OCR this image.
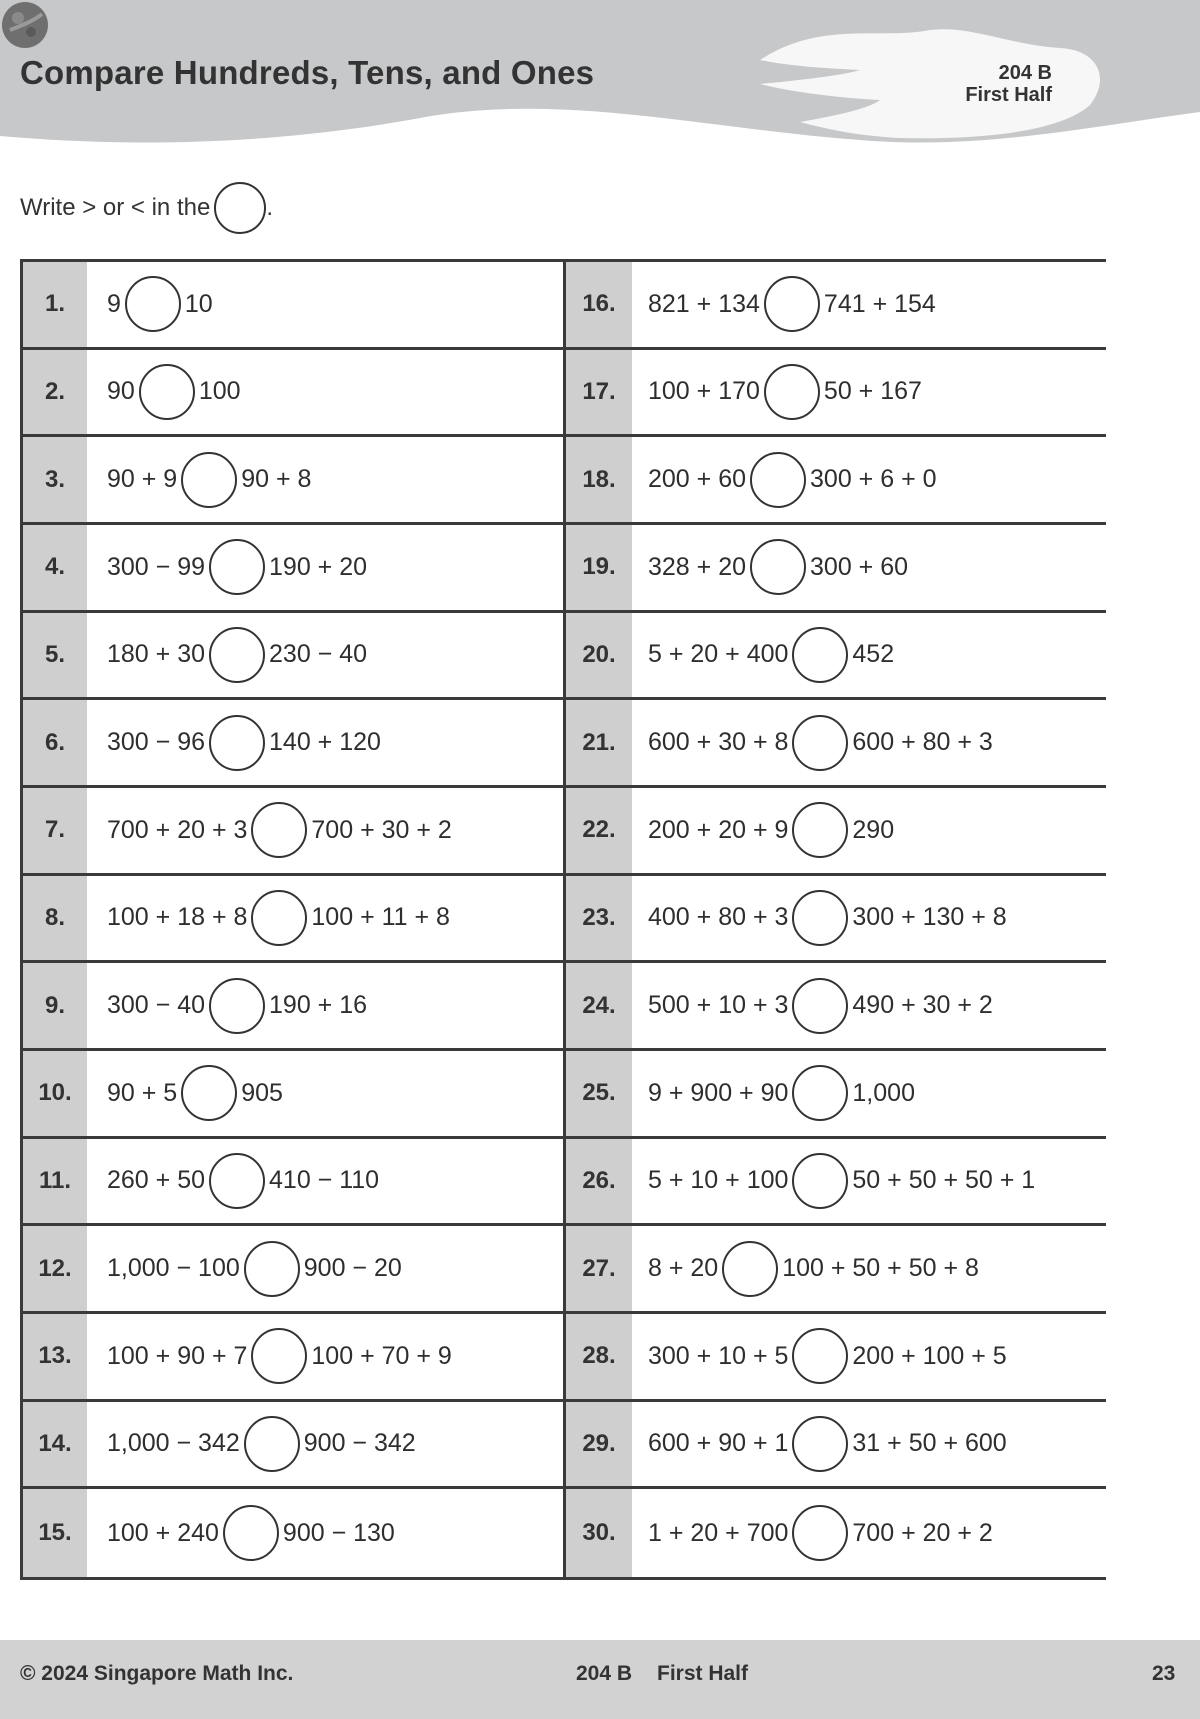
Compare Hundreds, Tens, and Ones	204 B
First Half
Write > or < in the .
1.	9	10	16.	821 + 134	741 + 154
2.	90	100	17.	100 + 170	50 + 167
3.	90 + 9	90 + 8	18.	200 + 60	300 + 6 + 0
4.	300 − 99	190 + 20	19.	328 + 20	300 + 60
5.	180 + 30	230 − 40	20.	5 + 20 + 400	452
6.	300 − 96	140 + 120	21.	600 + 30 + 8	600 + 80 + 3
7.	700 + 20 + 3	700 + 30 + 2	22.	200 + 20 + 9	290
8.	100 + 18 + 8	100 + 11 + 8	23.	400 + 80 + 3	300 + 130 + 8
9.	300 − 40	190 + 16	24.	500 + 10 + 3	490 + 30 + 2
10.	90 + 5	905	25.	9 + 900 + 90	1,000
11.	260 + 50	410 − 110	26.	5 + 10 + 100	50 + 50 + 50 + 1
12.	1,000 − 100	900 − 20	27.	8 + 20	100 + 50 + 50 + 8
13.	100 + 90 + 7	100 + 70 + 9	28.	300 + 10 + 5	200 + 100 + 5
14.	1,000 − 342	900 − 342	29.	600 + 90 + 1	31 + 50 + 600
15.	100 + 240	900 − 130	30.	1 + 20 + 700	700 + 20 + 2
© 2024 Singapore Math Inc.	204 B First Half	23
